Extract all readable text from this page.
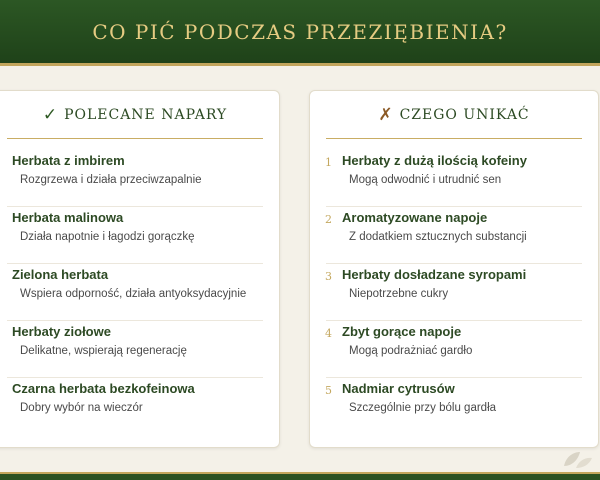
CO PIĆ PODCZAS PRZEZIĘBIENIA?
✓ POLECANE NAPARY
Herbata z imbirem
Rozgrzewa i działa przeciwzapalnie
Herbata malinowa
Działa napotnie i łagodzi gorączkę
Zielona herbata
Wspiera odporność, działa antyoksydacyjnie
Herbaty ziołowe
Delikatne, wspierają regenerację
Czarna herbata bezkofeinowa
Dobry wybór na wieczór
✗ CZEGO UNIKAĆ
1 Herbaty z dużą ilością kofeiny
Mogą odwodnić i utrudnić sen
2 Aromatyzowane napoje
Z dodatkiem sztucznych substancji
3 Herbaty dosładzane syropami
Niepotrzebne cukry
4 Zbyt gorące napoje
Mogą podrażniać gardło
5 Nadmiar cytrusów
Szczególnie przy bólu gardła
